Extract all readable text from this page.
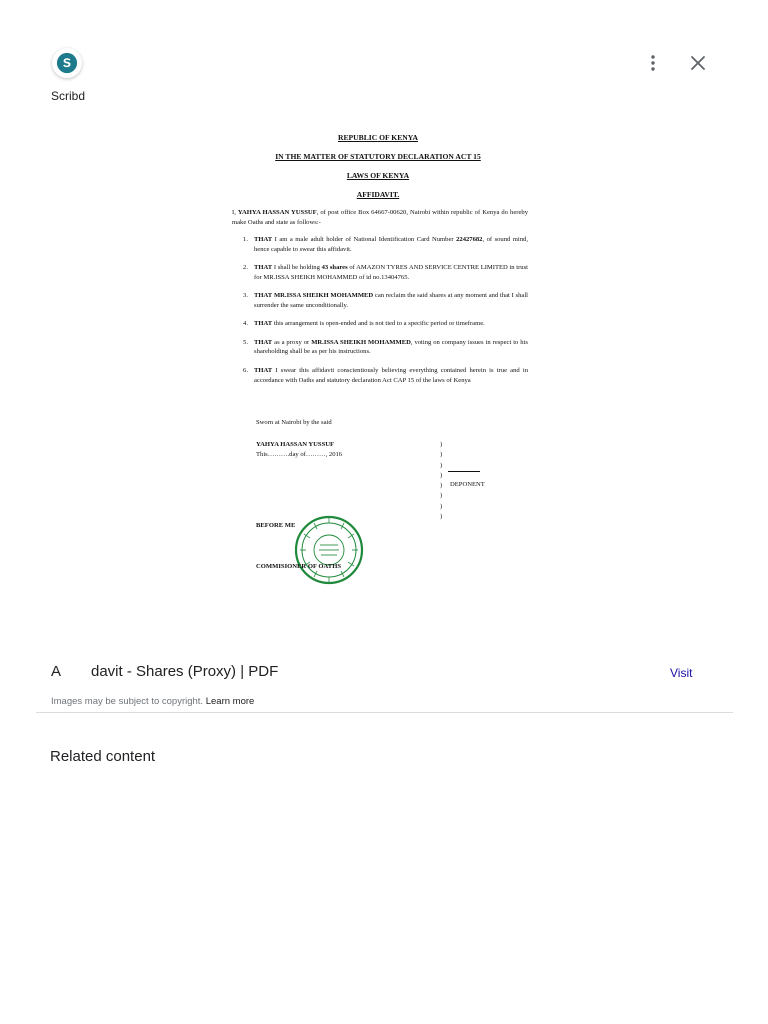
Scribd
REPUBLIC OF KENYA
IN THE MATTER OF STATUTORY DECLARATION ACT 15
LAWS OF KENYA
AFFIDAVIT.
I, YAHYA HASSAN YUSSUF, of post office Box 64667-00620, Nairobi within republic of Kenya do hereby make Oaths and state as follows:-
1. THAT I am a male adult holder of National Identification Card Number 22427682, of sound mind, hence capable to swear this affidavit.
2. THAT I shall be holding 43 shares of AMAZON TYRES AND SERVICE CENTRE LIMITED in trust for MR.ISSA SHEIKH MOHAMMED of id no.13404765.
3. THAT MR.ISSA SHEIKH MOHAMMED can reclaim the said shares at any moment and that I shall surrender the same unconditionally.
4. THAT this arrangement is open-ended and is not tied to a specific period or timeframe.
5. THAT as a proxy or MR.ISSA SHEIKH MOHAMMED, voting on company issues in respect to his shareholding shall be as per his instructions.
6. THAT I swear this affidavit conscientiously believing everything contained herein is true and in accordance with Oaths and statutory declaration Act CAP 15 of the laws of Kenya
Sworn at Nairobi by the said
YAHYA HASSAN YUSSUF
This……….day of………, 2016
)
)
)
)
)
)
)
)
DEPONENT
BEFORE ME
COMMISIONER OF OATHS
A davit - Shares (Proxy) | PDF	Visit
Images may be subject to copyright. Learn more
Related content
